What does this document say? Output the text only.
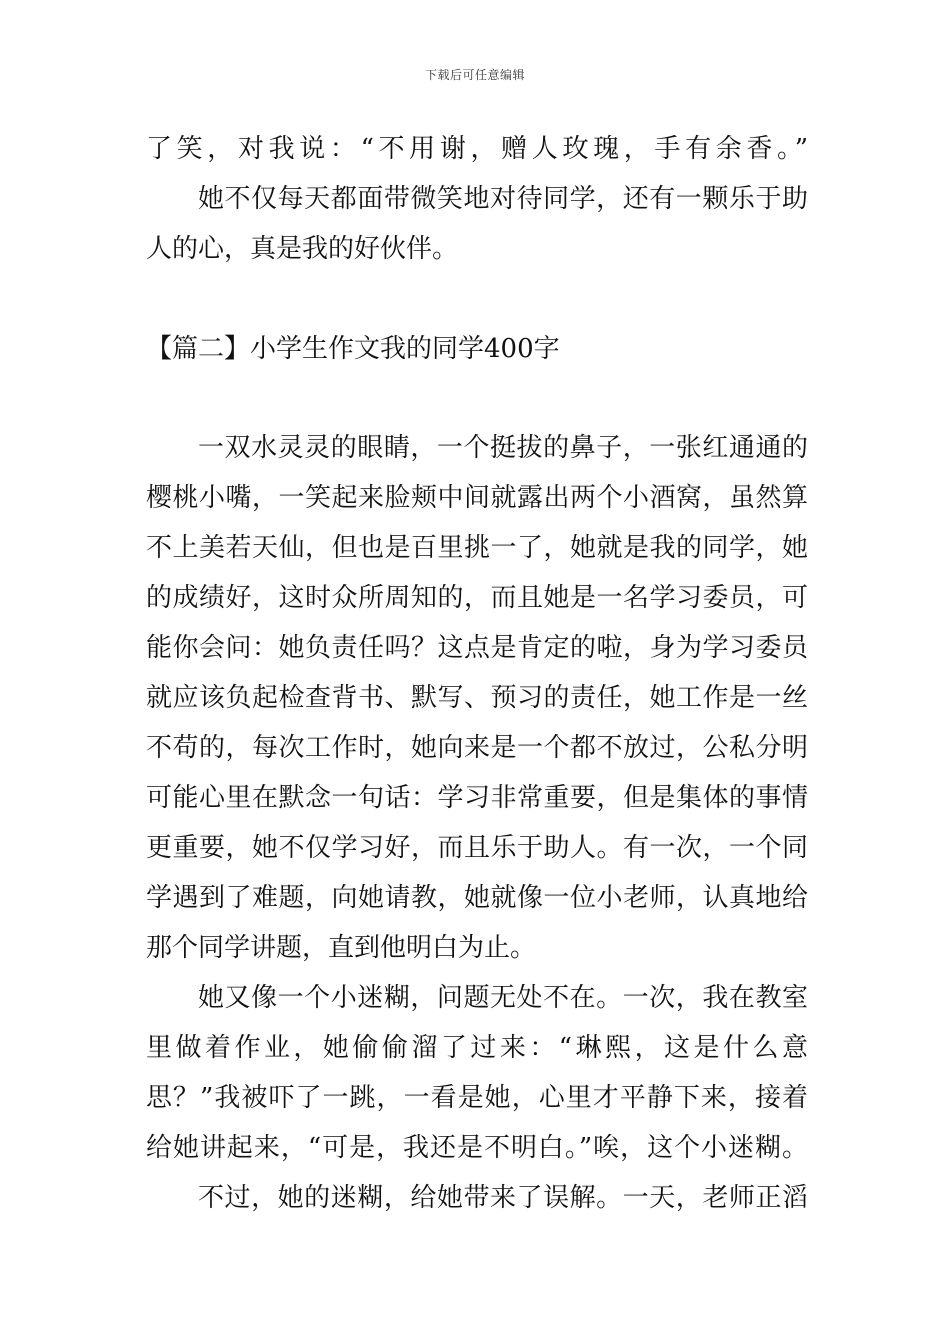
下载后可任意编辑
了笑，对我说：“不用谢，赠人玫瑰，手有余香。”
她不仅每天都面带微笑地对待同学，还有一颗乐于助
人的心，真是我的好伙伴。
【篇二】小学生作文我的同学400字
一双水灵灵的眼睛，一个挺拔的鼻子，一张红通通的
樱桃小嘴，一笑起来脸颊中间就露出两个小酒窝，虽然算
不上美若天仙，但也是百里挑一了，她就是我的同学，她
的成绩好，这时众所周知的，而且她是一名学习委员，可
能你会问：她负责任吗？这点是肯定的啦，身为学习委员
就应该负起检查背书、默写、预习的责任，她工作是一丝
不苟的，每次工作时，她向来是一个都不放过，公私分明
可能心里在默念一句话：学习非常重要，但是集体的事情
更重要，她不仅学习好，而且乐于助人。有一次，一个同
学遇到了难题，向她请教，她就像一位小老师，认真地给
那个同学讲题，直到他明白为止。
她又像一个小迷糊，问题无处不在。一次，我在教室
里做着作业，她偷偷溜了过来：“琳熙，这是什么意
思？”我被吓了一跳，一看是她，心里才平静下来，接着
给她讲起来，“可是，我还是不明白。”唉，这个小迷糊。
不过，她的迷糊，给她带来了误解。一天，老师正滔
